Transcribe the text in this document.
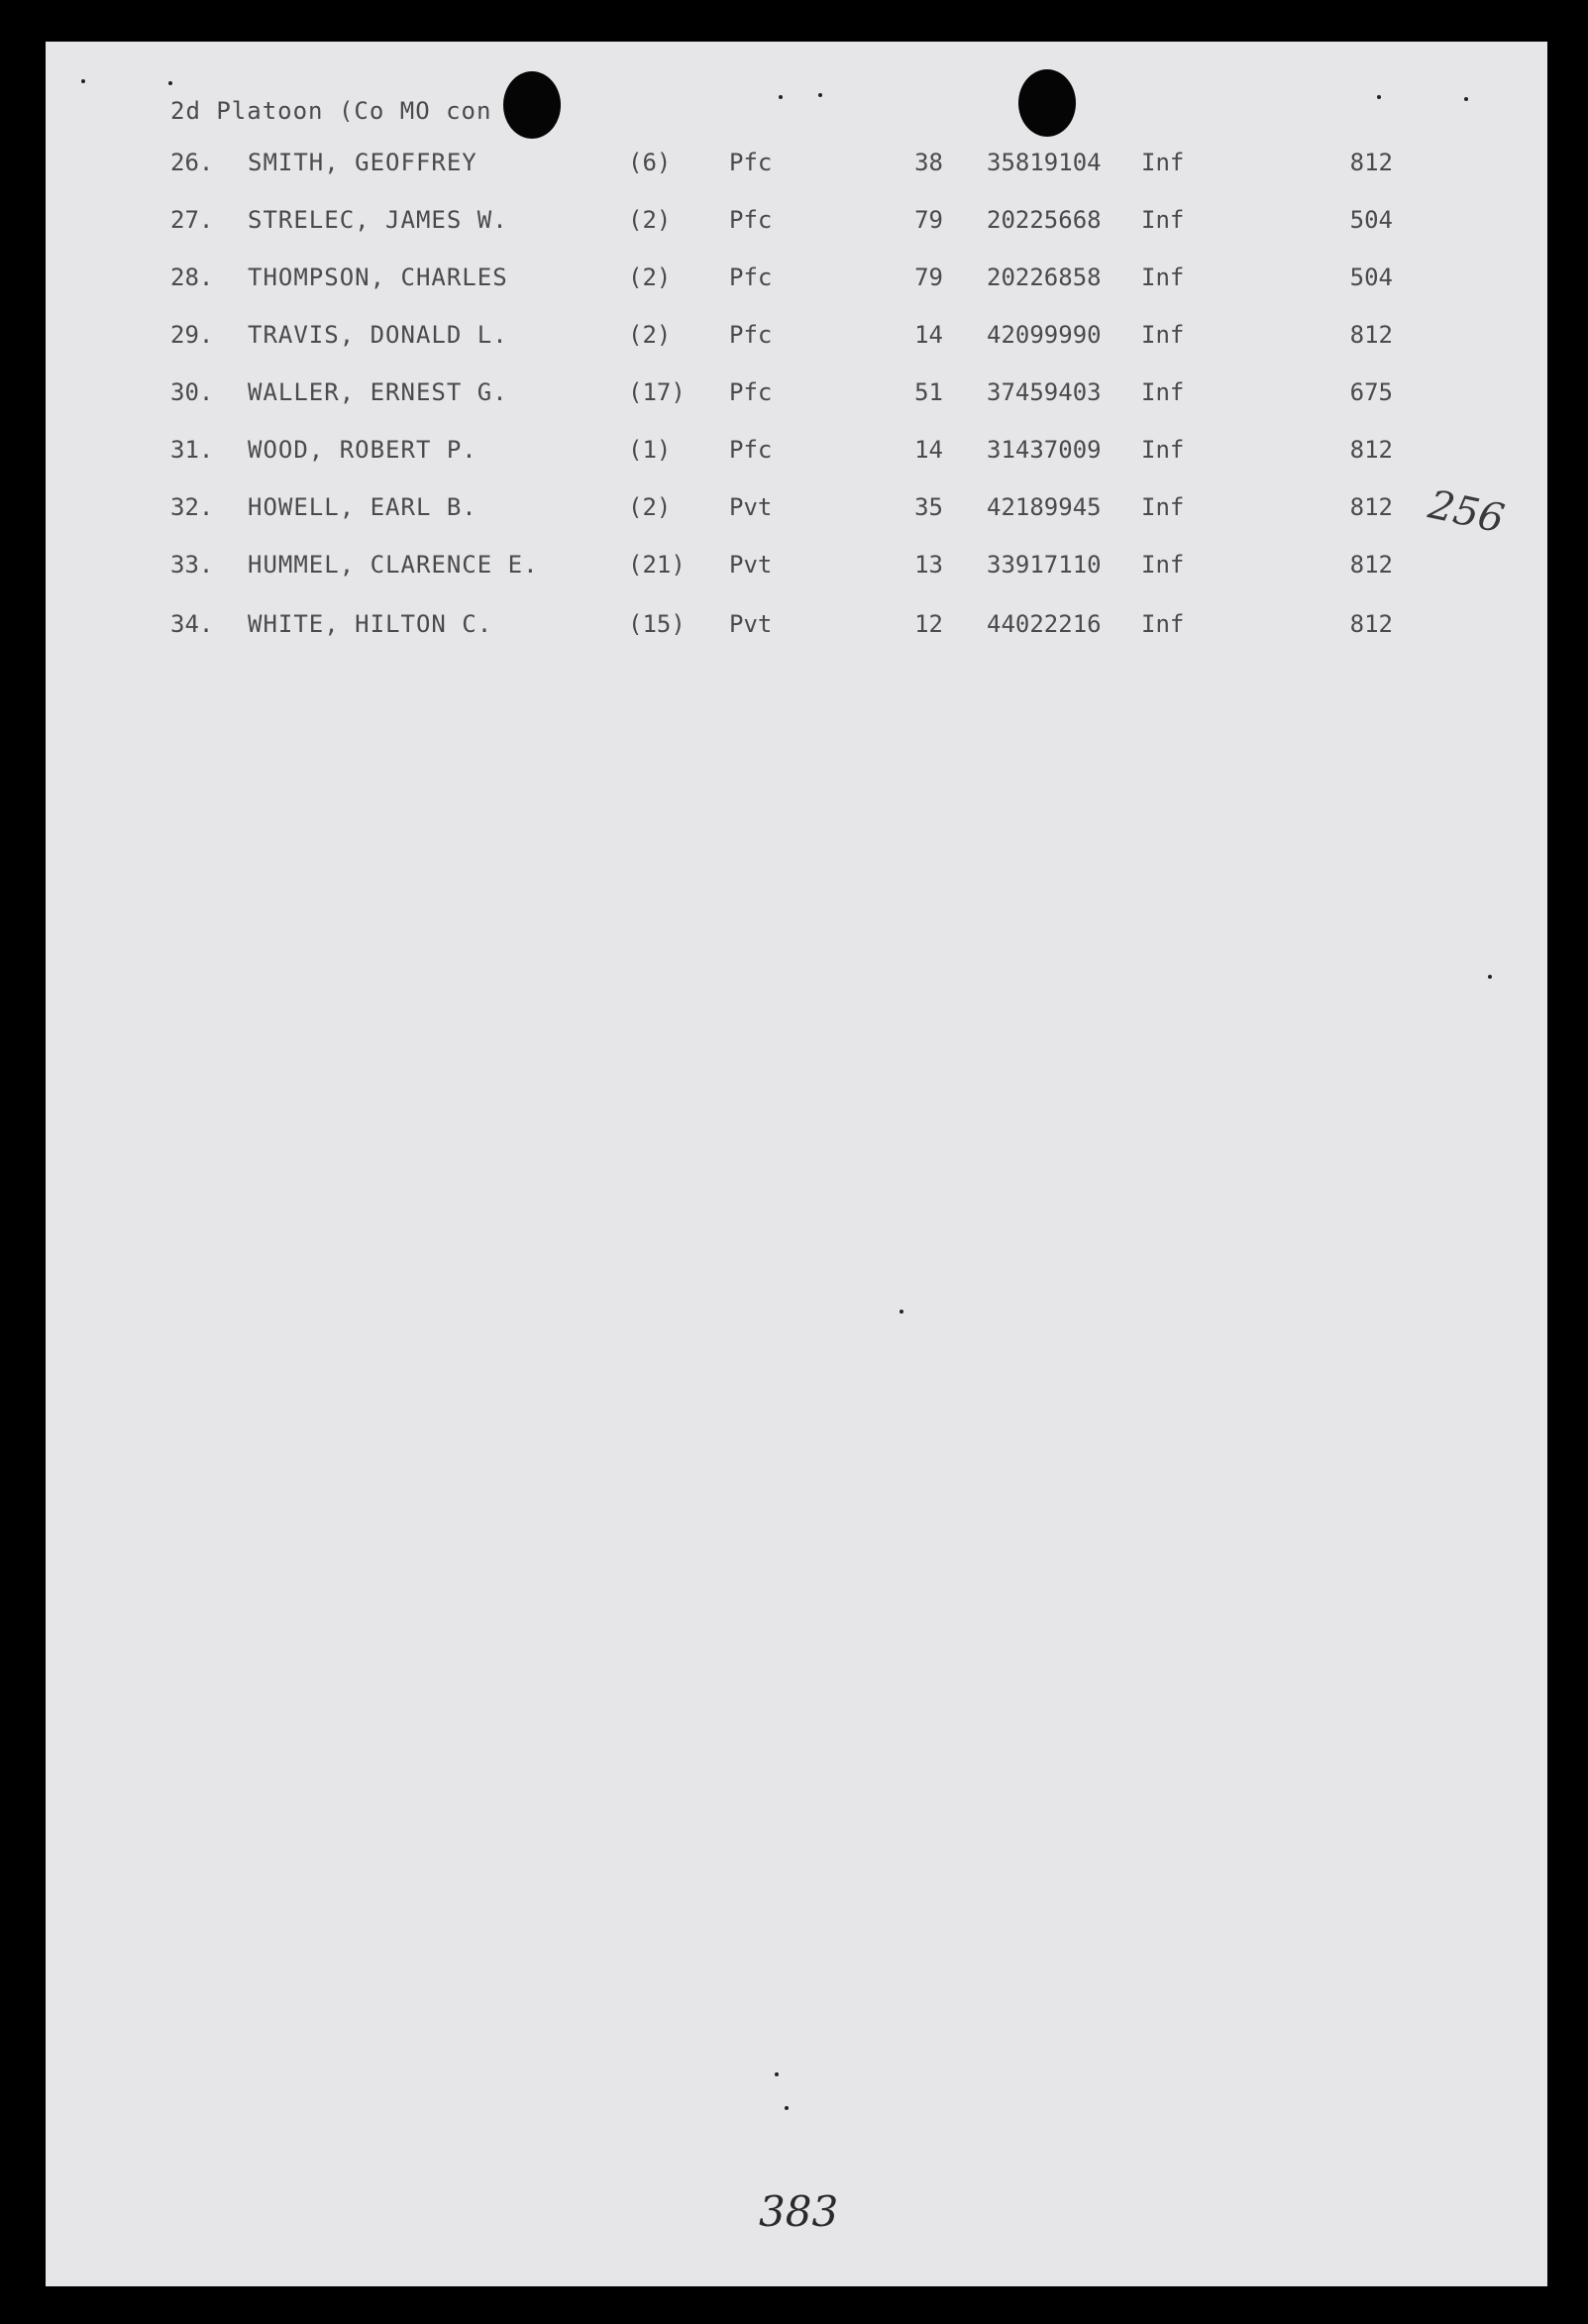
2d Platoon (Co MO con
26. SMITH, GEOFFREY	(6) Pfc	38 35819104 Inf	812
27. STRELEC, JAMES W.	(2) Pfc	79 20225668 Inf	504
28. THOMPSON, CHARLES	(2) Pfc	79 20226858 Inf	504
29. TRAVIS, DONALD L.	(2) Pfc	14 42099990 Inf	812
30. WALLER, ERNEST G.	(17) Pfc	51 37459403 Inf	675
31. WOOD, ROBERT P.	(1) Pfc	14 31437009 Inf	812
32. HOWELL, EARL B.	(2) Pvt	35 42189945 Inf	812
33. HUMMEL, CLARENCE E.	(21) Pvt	13 33917110 Inf	812
34. WHITE, HILTON C.	(15) Pvt	12 44022216 Inf	812
256
383
